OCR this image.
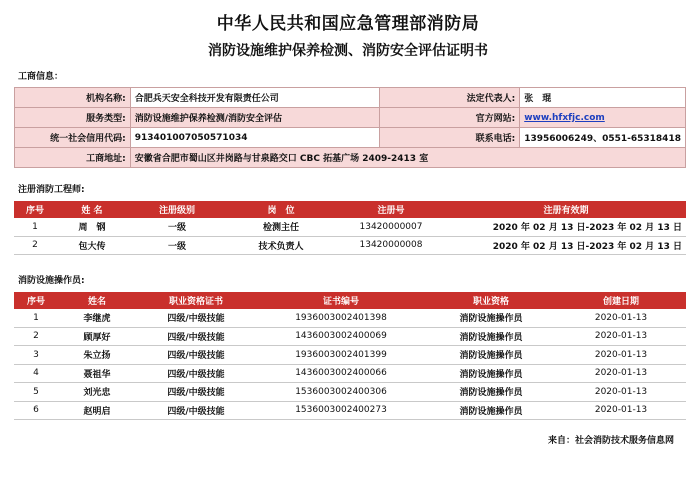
中华人民共和国应急管理部消防局
消防设施维护保养检测、消防安全评估证明书
工商信息：
机构名称:	合肥兵天安全科技开发有限责任公司	法定代表人:	张　琨
服务类型:	消防设施维护保养检测/消防安全评估	官方网站:	www.hfxfjc.com
统一社会信用代码:	913401007050571034	联系电话:	13956006249、0551-65318418
工商地址:	安徽省合肥市蜀山区井岗路与甘泉路交口 CBC 拓基广场 2409-2413 室		
注册消防工程师:
序号	姓 名	注册级别	岗　位	注册号	注册有效期
1	周　钢	一级	检测主任	13420000007	2020 年 02 月 13 日-2023 年 02 月 13 日
2	包大传	一级	技术负责人	13420000008	2020 年 02 月 13 日-2023 年 02 月 13 日
消防设施操作员:
序号	姓名	职业资格证书	证书编号	职业资格	创建日期
1	李继虎	四级/中级技能	1936003002401398	消防设施操作员	2020-01-13
2	顾厚好	四级/中级技能	1436003002400069	消防设施操作员	2020-01-13
3	朱立扬	四级/中级技能	1936003002401399	消防设施操作员	2020-01-13
4	聂祖华	四级/中级技能	1436003002400066	消防设施操作员	2020-01-13
5	刘光忠	四级/中级技能	1536003002400306	消防设施操作员	2020-01-13
6	赵明启	四级/中级技能	1536003002400273	消防设施操作员	2020-01-13
来自：社会消防技术服务信息网
